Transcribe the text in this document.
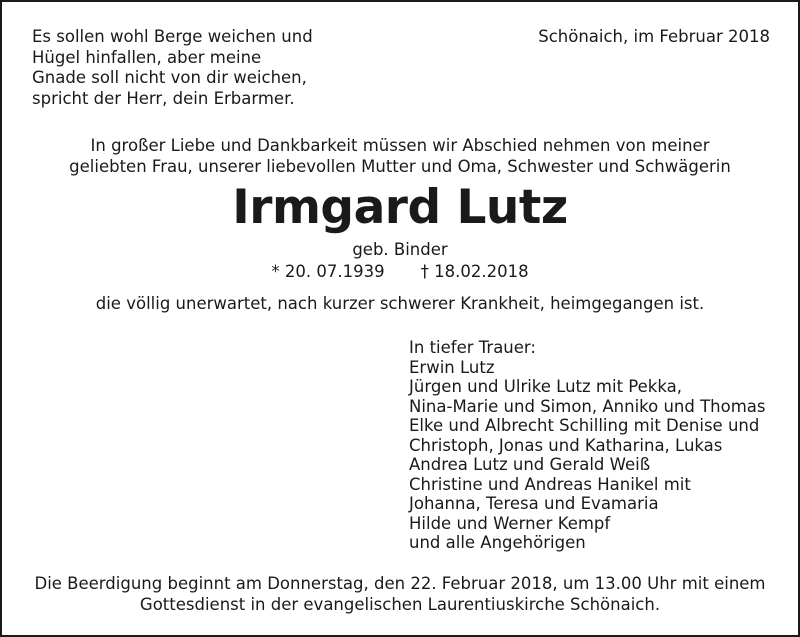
Es sollen wohl Berge weichen und
Hügel hinfallen, aber meine
Gnade soll nicht von dir weichen,
spricht der Herr, dein Erbarmer.
Schönaich, im Februar 2018
In großer Liebe und Dankbarkeit müssen wir Abschied nehmen von meiner
geliebten Frau, unserer liebevollen Mutter und Oma, Schwester und Schwägerin
Irmgard Lutz
geb. Binder
* 20. 07.1939 † 18.02.2018
die völlig unerwartet, nach kurzer schwerer Krankheit, heimgegangen ist.
In tiefer Trauer:
Erwin Lutz
Jürgen und Ulrike Lutz mit Pekka,
Nina-Marie und Simon, Anniko und Thomas
Elke und Albrecht Schilling mit Denise und
Christoph, Jonas und Katharina, Lukas
Andrea Lutz und Gerald Weiß
Christine und Andreas Hanikel mit
Johanna, Teresa und Evamaria
Hilde und Werner Kempf
und alle Angehörigen
Die Beerdigung beginnt am Donnerstag, den 22. Februar 2018, um 13.00 Uhr mit einem
Gottesdienst in der evangelischen Laurentiuskirche Schönaich.
